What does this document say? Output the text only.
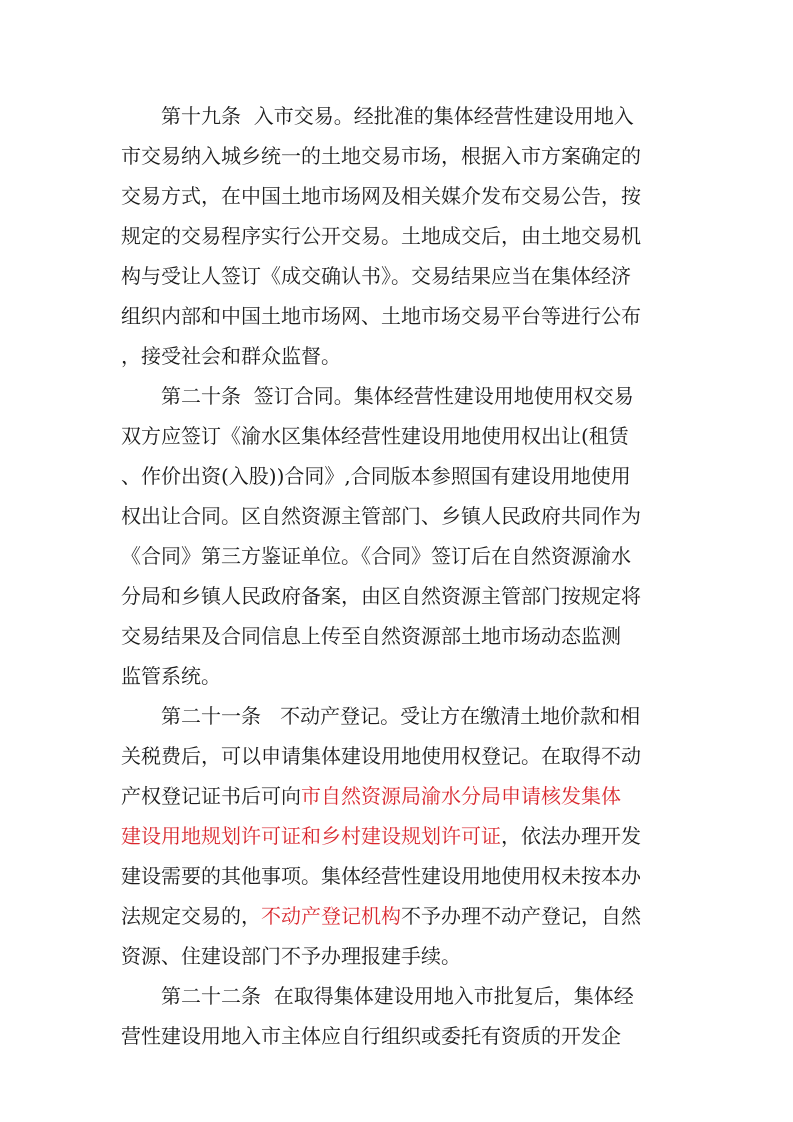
　　第十九条  入市交易。经批准的集体经营性建设用地入
市交易纳入城乡统一的土地交易市场，根据入市方案确定的
交易方式，在中国土地市场网及相关媒介发布交易公告，按
规定的交易程序实行公开交易。土地成交后，由土地交易机
构与受让人签订《成交确认书》。交易结果应当在集体经济
组织内部和中国土地市场网、土地市场交易平台等进行公布
，接受社会和群众监督。
　　第二十条  签订合同。集体经营性建设用地使用权交易
双方应签订《渝水区集体经营性建设用地使用权出让(租赁
、作价出资(入股))合同》,合同版本参照国有建设用地使用
权出让合同。区自然资源主管部门、乡镇人民政府共同作为
《合同》第三方鉴证单位。《合同》签订后在自然资源渝水
分局和乡镇人民政府备案，由区自然资源主管部门按规定将
交易结果及合同信息上传至自然资源部土地市场动态监测
监管系统。
　　第二十一条   不动产登记。受让方在缴清土地价款和相
关税费后，可以申请集体建设用地使用权登记。在取得不动
产权登记证书后可向市自然资源局渝水分局申请核发集体
建设用地规划许可证和乡村建设规划许可证，依法办理开发
建设需要的其他事项。集体经营性建设用地使用权未按本办
法规定交易的，不动产登记机构不予办理不动产登记，自然
资源、住建设部门不予办理报建手续。
　　第二十二条  在取得集体建设用地入市批复后，集体经
营性建设用地入市主体应自行组织或委托有资质的开发企
